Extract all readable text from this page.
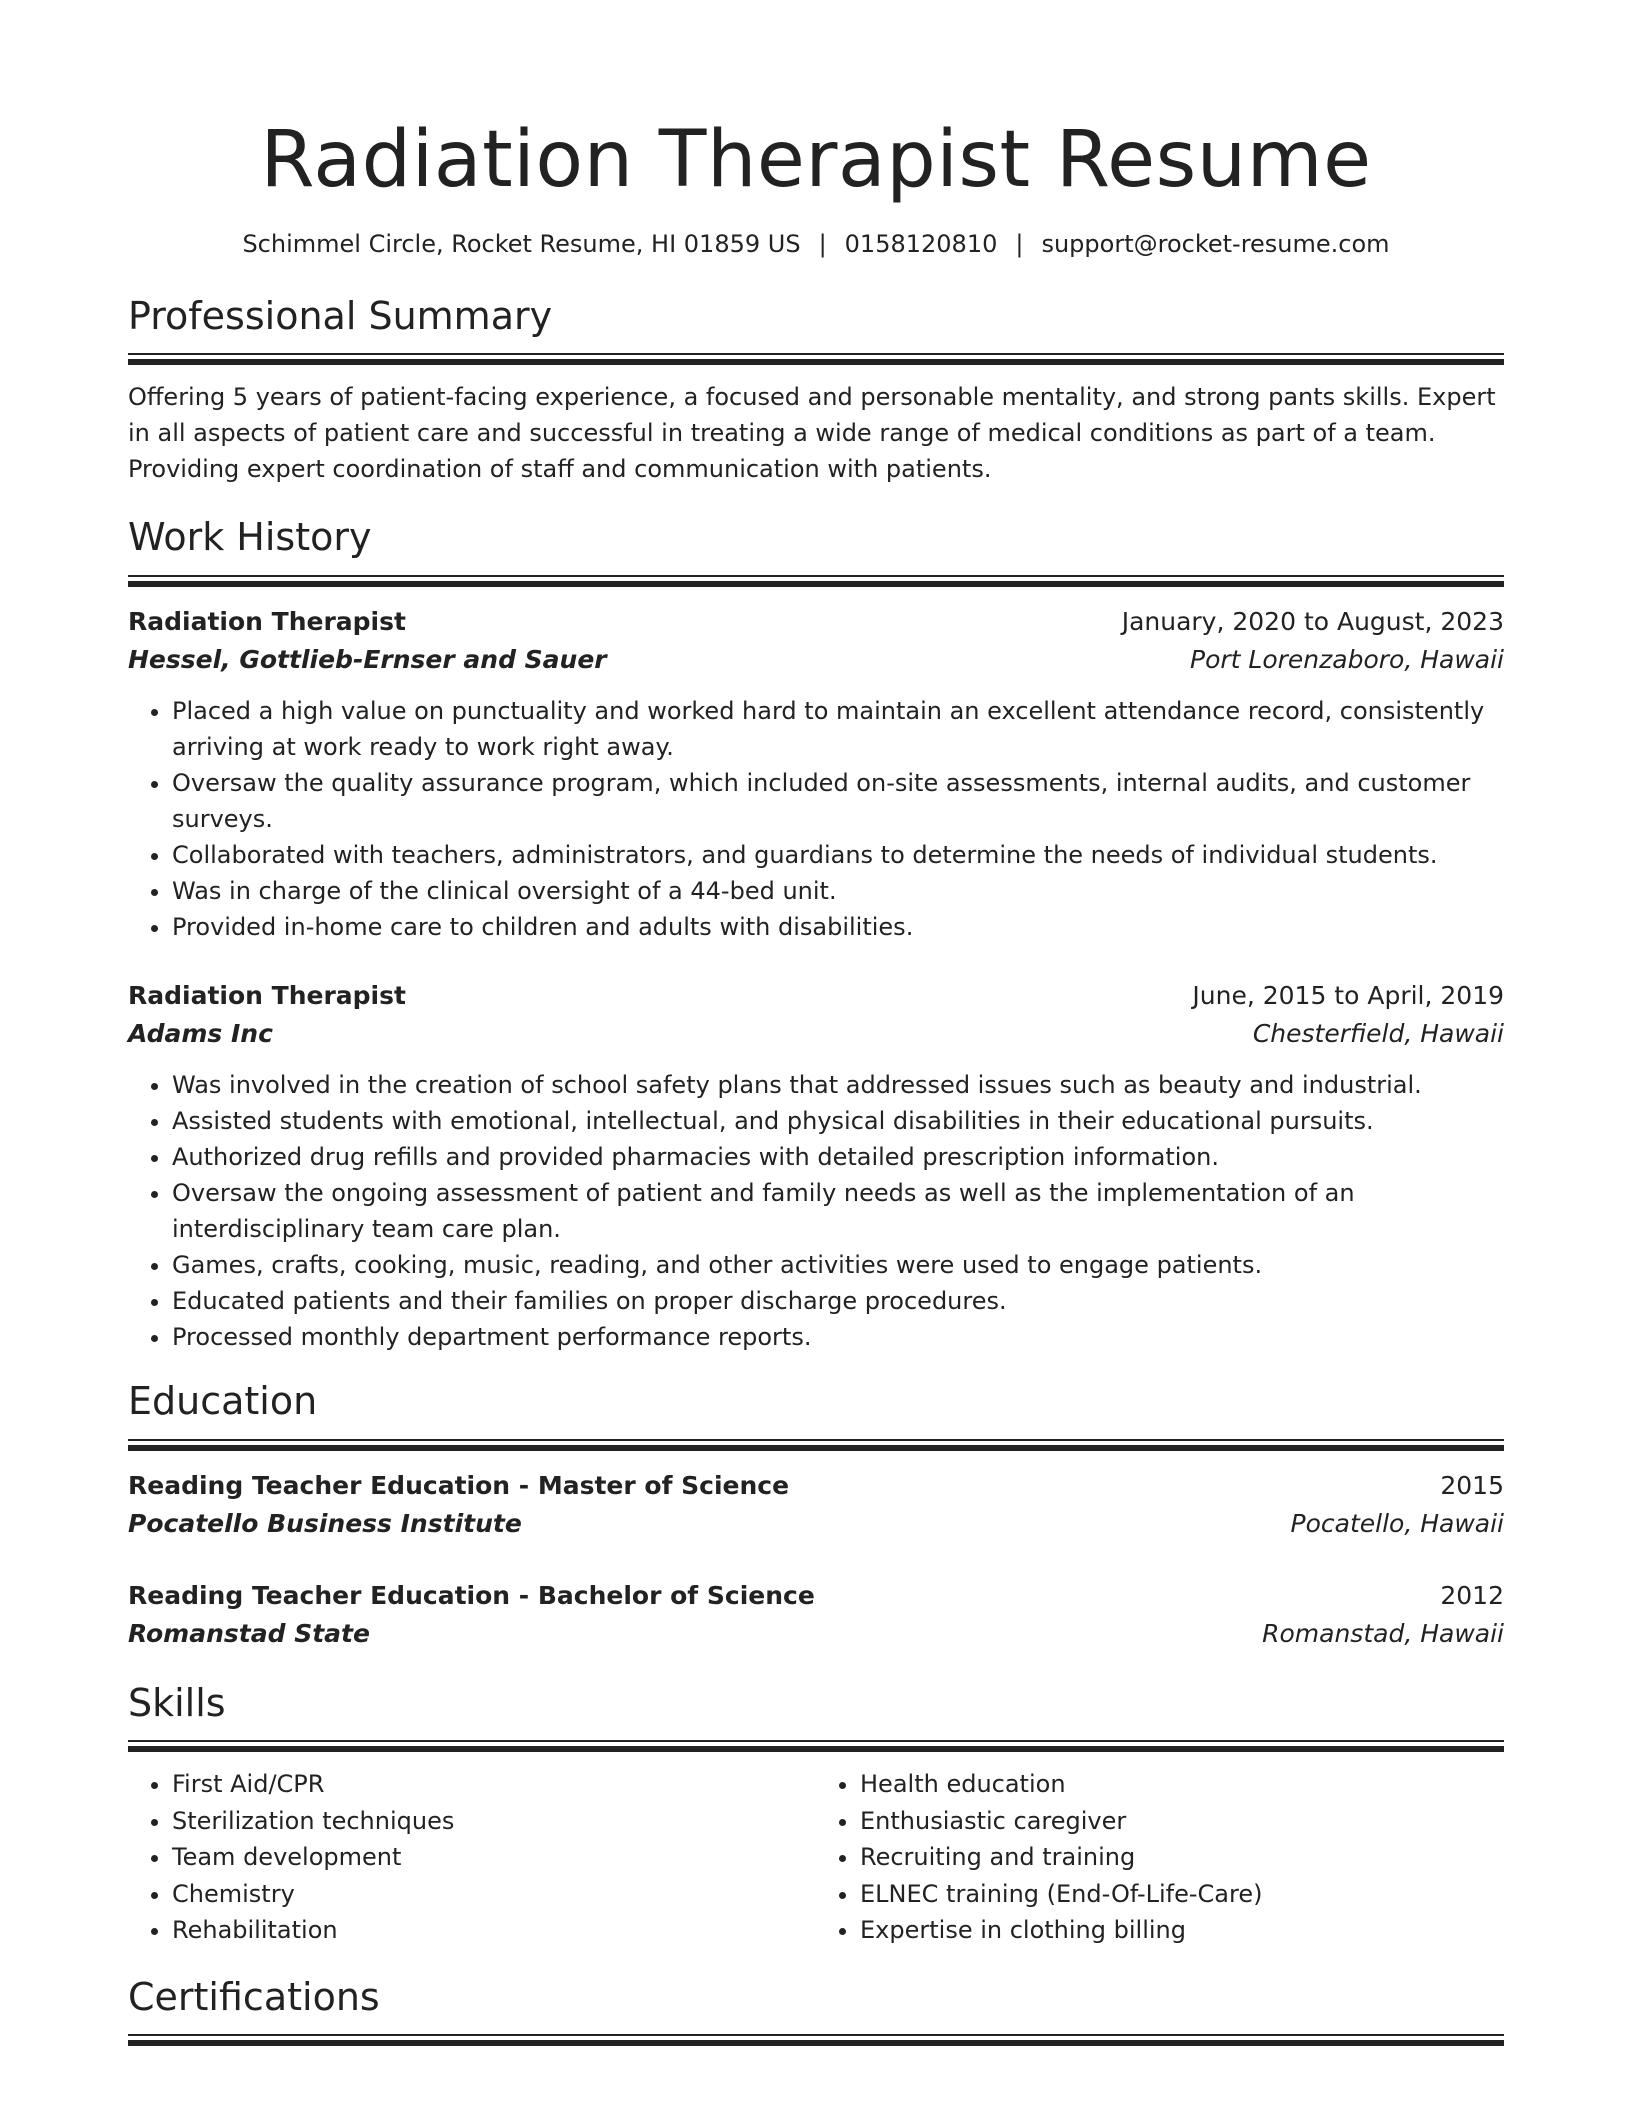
Radiation Therapist Resume
Schimmel Circle, Rocket Resume, HI 01859 US | 0158120810 | support@rocket-resume.com
Professional Summary
Offering 5 years of patient-facing experience, a focused and personable mentality, and strong pants skills. Expert in all aspects of patient care and successful in treating a wide range of medical conditions as part of a team. Providing expert coordination of staff and communication with patients.
Work History
Radiation Therapist	January, 2020 to August, 2023
Hessel, Gottlieb-Ernser and Sauer	Port Lorenzaboro, Hawaii
• Placed a high value on punctuality and worked hard to maintain an excellent attendance record, consistently arriving at work ready to work right away.
• Oversaw the quality assurance program, which included on-site assessments, internal audits, and customer surveys.
• Collaborated with teachers, administrators, and guardians to determine the needs of individual students.
• Was in charge of the clinical oversight of a 44-bed unit.
• Provided in-home care to children and adults with disabilities.
Radiation Therapist	June, 2015 to April, 2019
Adams Inc	Chesterfield, Hawaii
• Was involved in the creation of school safety plans that addressed issues such as beauty and industrial.
• Assisted students with emotional, intellectual, and physical disabilities in their educational pursuits.
• Authorized drug refills and provided pharmacies with detailed prescription information.
• Oversaw the ongoing assessment of patient and family needs as well as the implementation of an interdisciplinary team care plan.
• Games, crafts, cooking, music, reading, and other activities were used to engage patients.
• Educated patients and their families on proper discharge procedures.
• Processed monthly department performance reports.
Education
Reading Teacher Education - Master of Science	2015
Pocatello Business Institute	Pocatello, Hawaii
Reading Teacher Education - Bachelor of Science	2012
Romanstad State	Romanstad, Hawaii
Skills
• First Aid/CPR
• Sterilization techniques
• Team development
• Chemistry
• Rehabilitation
• Health education
• Enthusiastic caregiver
• Recruiting and training
• ELNEC training (End-Of-Life-Care)
• Expertise in clothing billing
Certifications
